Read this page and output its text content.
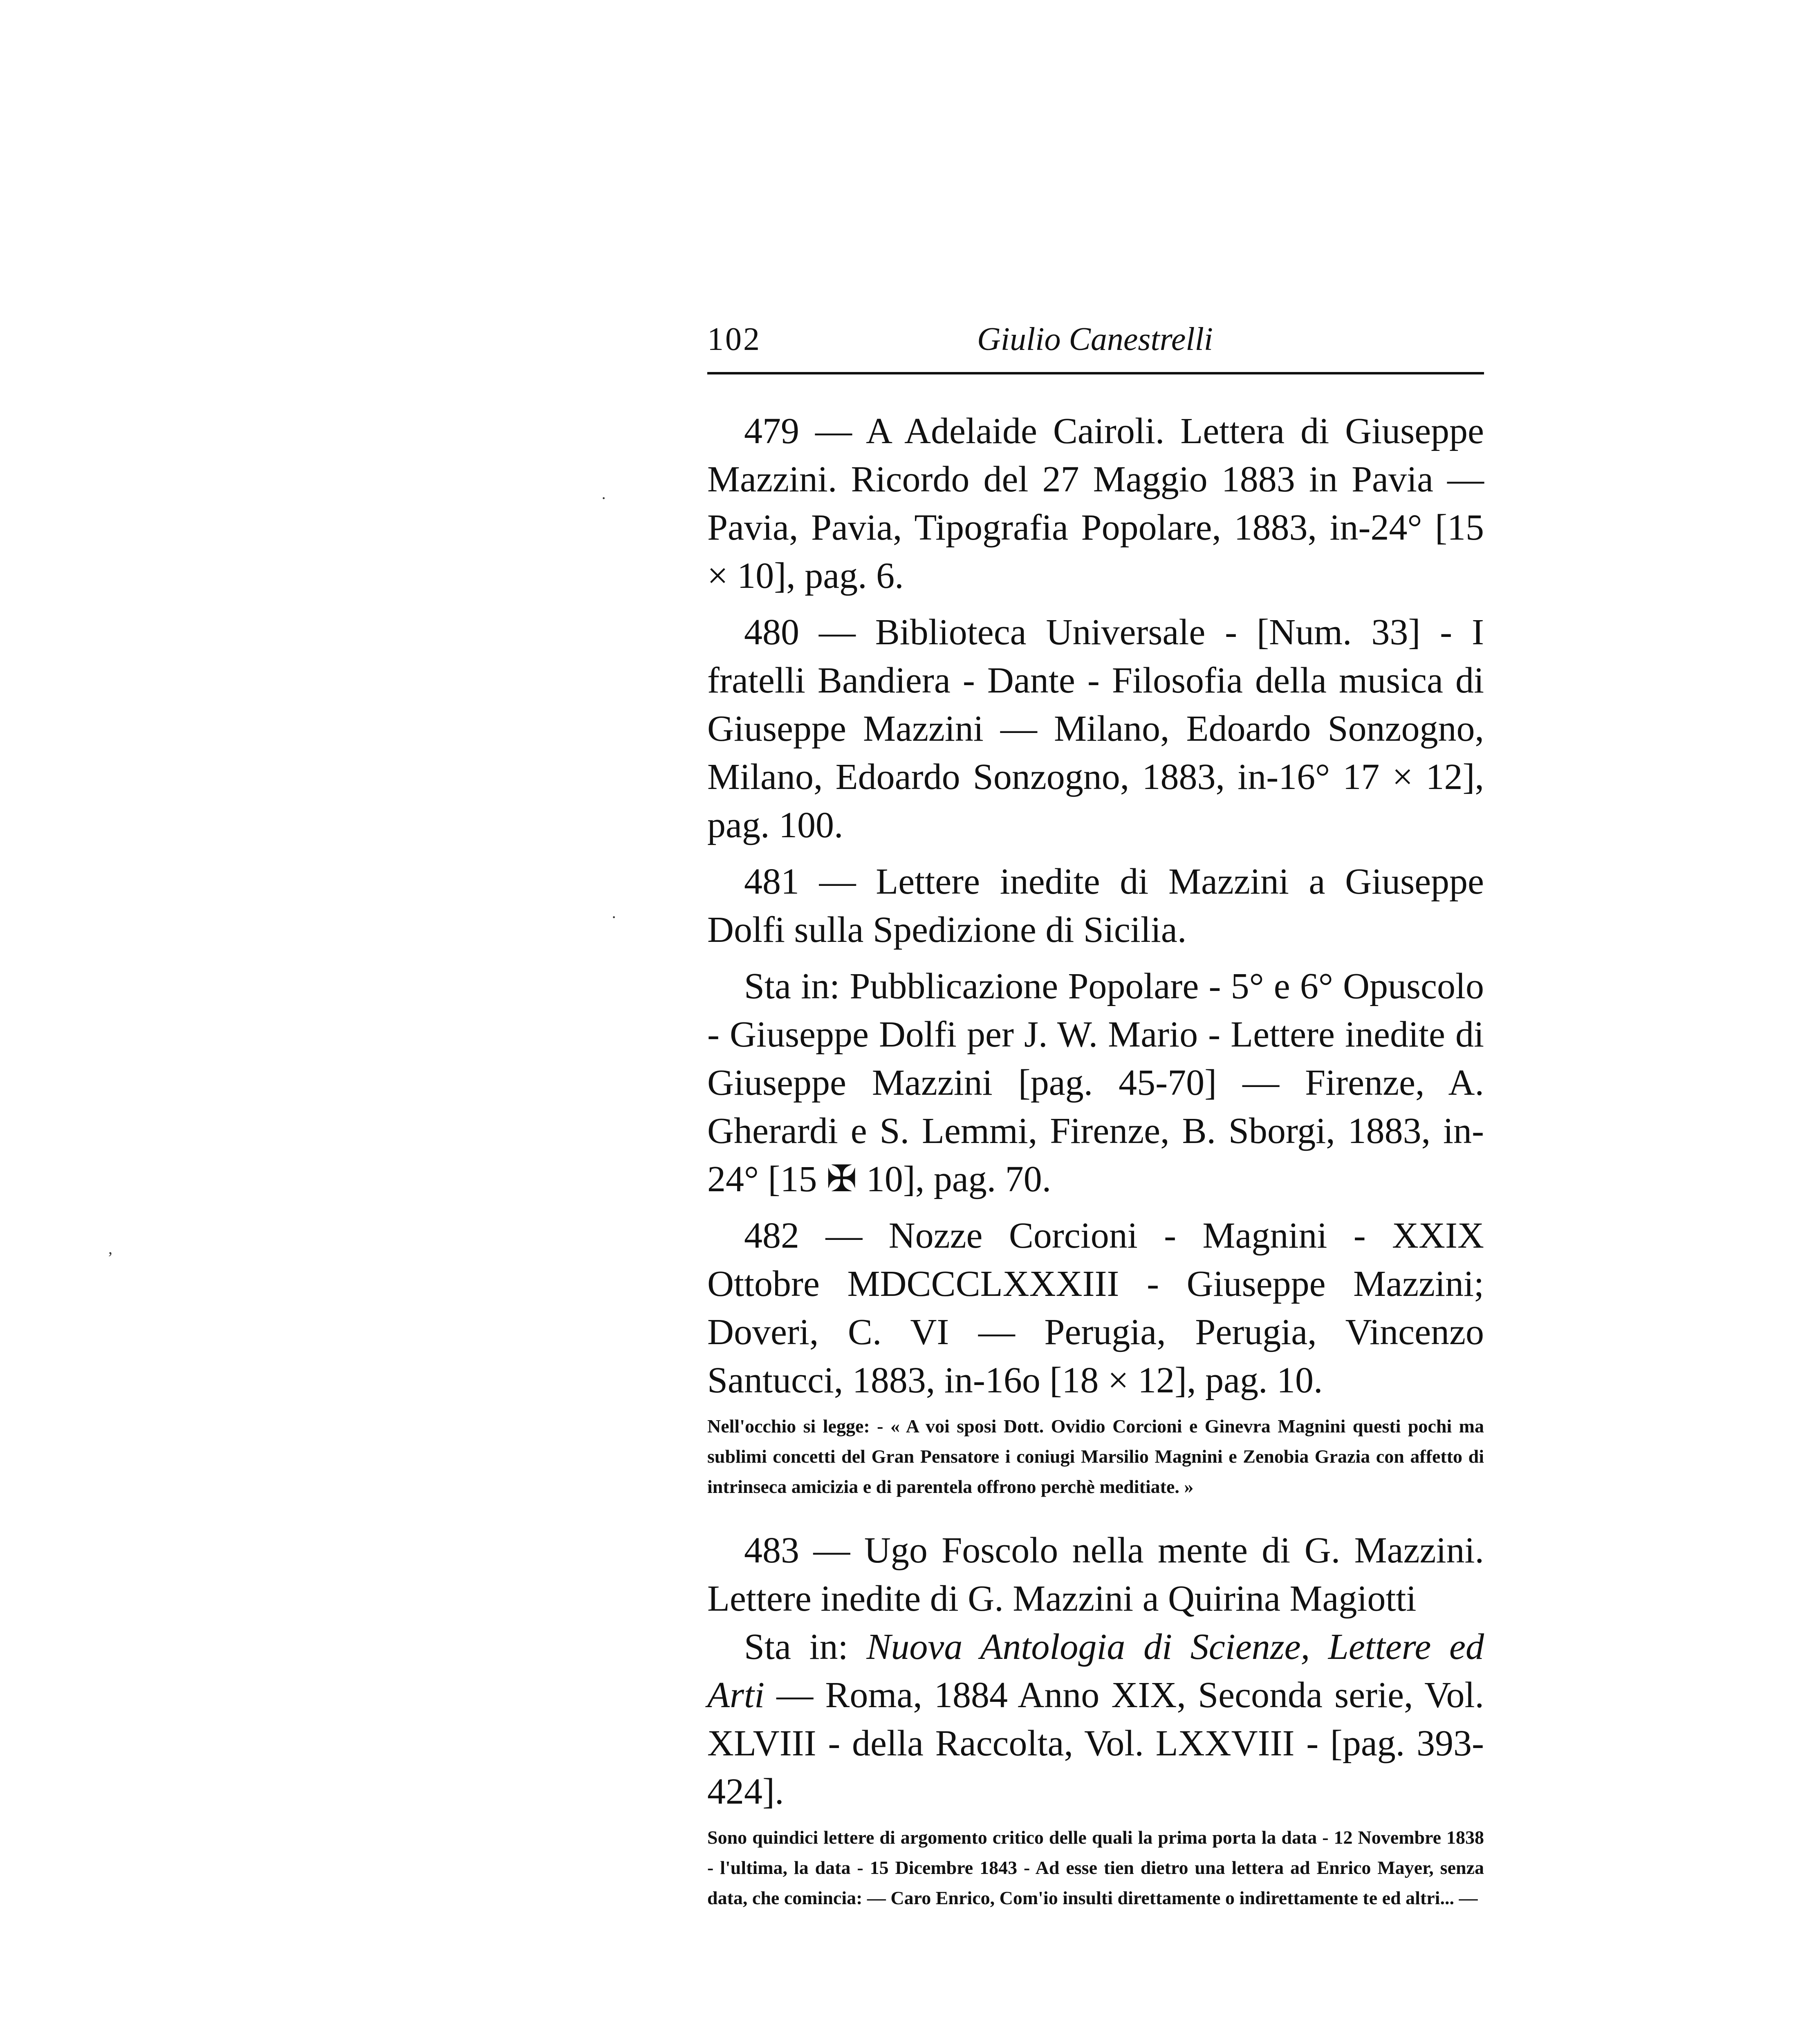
·
,
·
102	Giulio Canestrelli

479 — A Adelaide Cairoli. Lettera di Giuseppe Mazzini. Ricordo del 27 Maggio 1883 in Pavia — Pavia, Pavia, Tipografia Popolare, 1883, in-24° [15 × 10], pag. 6.

480 — Biblioteca Universale - [Num. 33] - I fratelli Bandiera - Dante - Filosofia della musica di Giuseppe Mazzini — Milano, Edoardo Sonzogno, Milano, Edoardo Sonzogno, 1883, in-16° 17 × 12], pag. 100.

481 — Lettere inedite di Mazzini a Giuseppe Dolfi sulla Spedizione di Sicilia.

Sta in: Pubblicazione Popolare - 5° e 6° Opuscolo - Giuseppe Dolfi per J. W. Mario - Lettere inedite di Giuseppe Mazzini [pag. 45-70] — Firenze, A. Gherardi e S. Lemmi, Firenze, B. Sborgi, 1883, in-24° [15 ✠ 10], pag. 70.

482 — Nozze Corcioni - Magnini - XXIX Ottobre MDCCCLXXXIII - Giuseppe Mazzini; Doveri, C. VI — Perugia, Perugia, Vincenzo Santucci, 1883, in-16o [18 × 12], pag. 10.

Nell'occhio si legge: - « A voi sposi Dott. Ovidio Corcioni e Ginevra Magnini questi pochi ma sublimi concetti del Gran Pensatore i coniugi Marsilio Magnini e Zenobia Grazia con affetto di intrinseca amicizia e di parentela offrono perchè meditiate. »

483 — Ugo Foscolo nella mente di G. Mazzini. Lettere inedite di G. Mazzini a Quirina Magiotti

Sta in: Nuova Antologia di Scienze, Lettere ed Arti — Roma, 1884 Anno XIX, Seconda serie, Vol. XLVIII - della Raccolta, Vol. LXXVIII - [pag. 393-424].

Sono quindici lettere di argomento critico delle quali la prima porta la data - 12 Novembre 1838 - l'ultima, la data - 15 Dicembre 1843 - Ad esse tien dietro una lettera ad Enrico Mayer, senza data, che comincia: — Caro Enrico, Com'io insulti direttamente o indirettamente te ed altri... —
